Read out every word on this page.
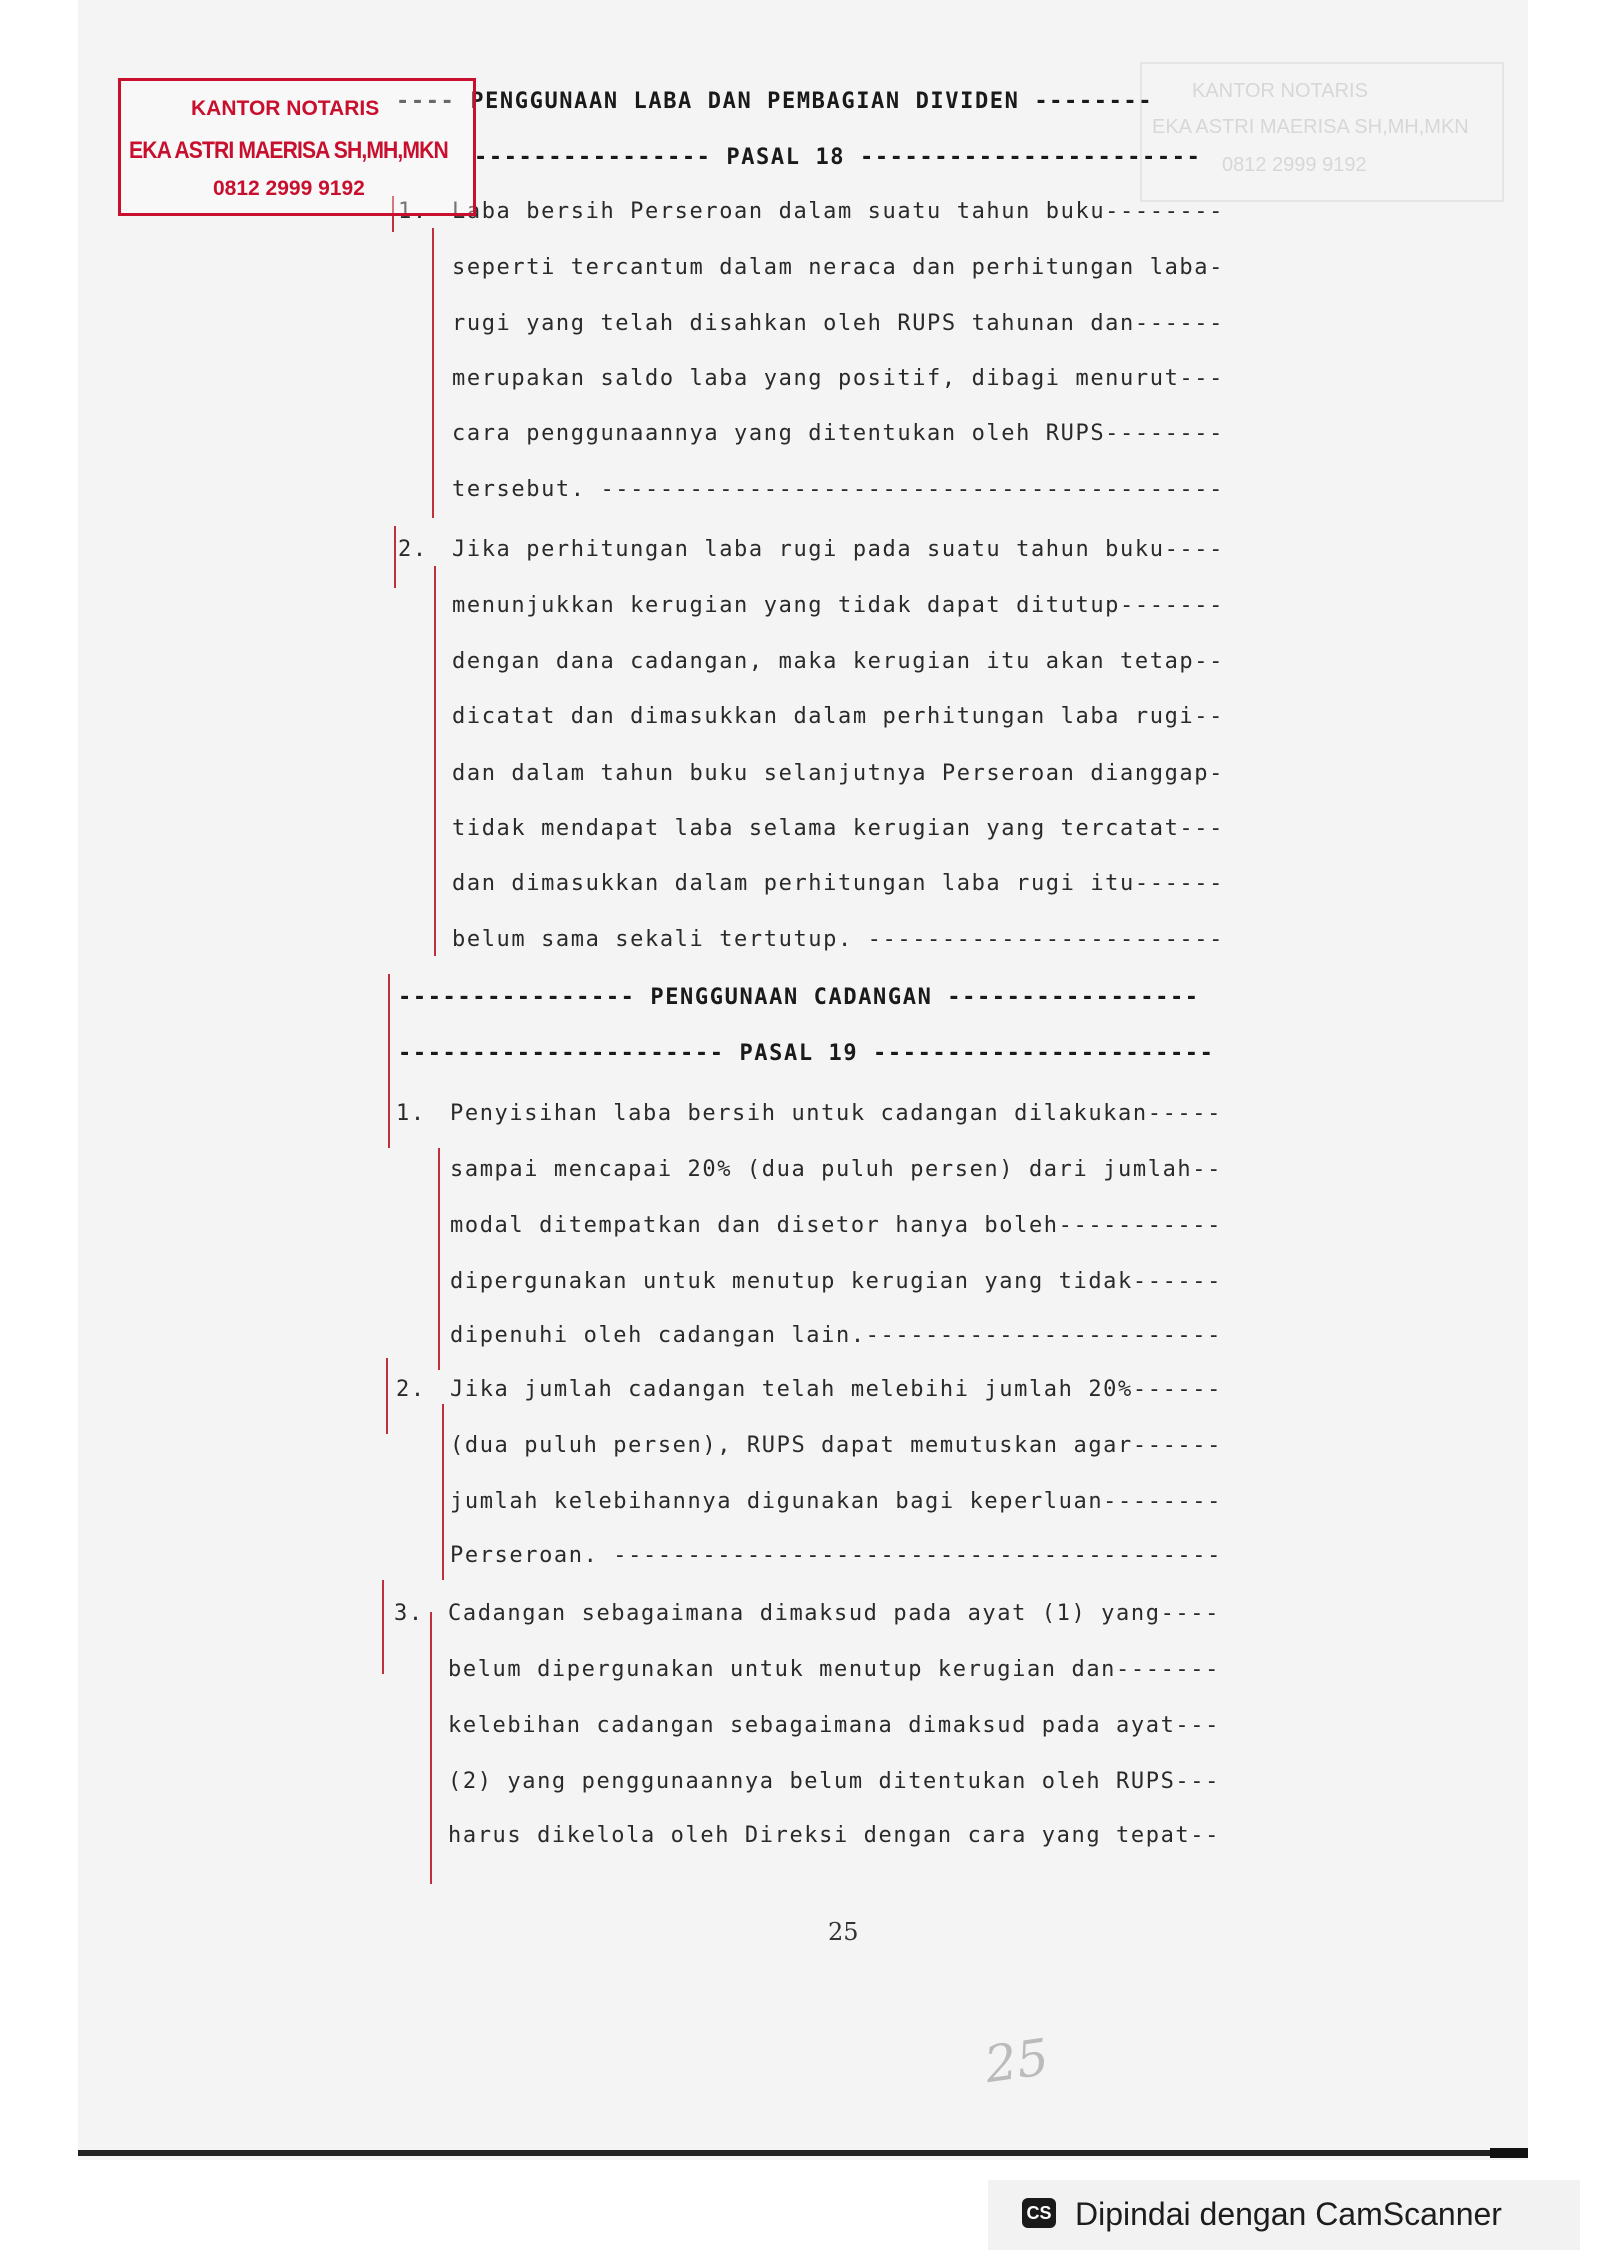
KANTOR NOTARIS
EKA ASTRI MAERISA SH,MH,MKN
0812 2999 9192
---- PENGGUNAAN LABA DAN PEMBAGIAN DIVIDEN --------
---------------- PASAL 18 -----------------------
1. Laba bersih Perseroan dalam suatu tahun buku--------
seperti tercantum dalam neraca dan perhitungan laba-
rugi yang telah disahkan oleh RUPS tahunan dan------
merupakan saldo laba yang positif, dibagi menurut---
cara penggunaannya yang ditentukan oleh RUPS--------
tersebut. ------------------------------------------
2. Jika perhitungan laba rugi pada suatu tahun buku----
menunjukkan kerugian yang tidak dapat ditutup-------
dengan dana cadangan, maka kerugian itu akan tetap--
dicatat dan dimasukkan dalam perhitungan laba rugi--
dan dalam tahun buku selanjutnya Perseroan dianggap-
tidak mendapat laba selama kerugian yang tercatat---
dan dimasukkan dalam perhitungan laba rugi itu------
belum sama sekali tertutup. ------------------------
---------------- PENGGUNAAN CADANGAN -----------------
---------------------- PASAL 19 -----------------------
1. Penyisihan laba bersih untuk cadangan dilakukan-----
sampai mencapai 20% (dua puluh persen) dari jumlah--
modal ditempatkan dan disetor hanya boleh-----------
dipergunakan untuk menutup kerugian yang tidak------
dipenuhi oleh cadangan lain.------------------------
2. Jika jumlah cadangan telah melebihi jumlah 20%------
(dua puluh persen), RUPS dapat memutuskan agar------
jumlah kelebihannya digunakan bagi keperluan--------
Perseroan. -----------------------------------------
3. Cadangan sebagaimana dimaksud pada ayat (1) yang----
belum dipergunakan untuk menutup kerugian dan-------
kelebihan cadangan sebagaimana dimaksud pada ayat---
(2) yang penggunaannya belum ditentukan oleh RUPS---
harus dikelola oleh Direksi dengan cara yang tepat--
KANTOR NOTARIS
EKA ASTRI MAERISA SH,MH,MKN
0812 2999 9192
25
25
CS Dipindai dengan CamScanner
